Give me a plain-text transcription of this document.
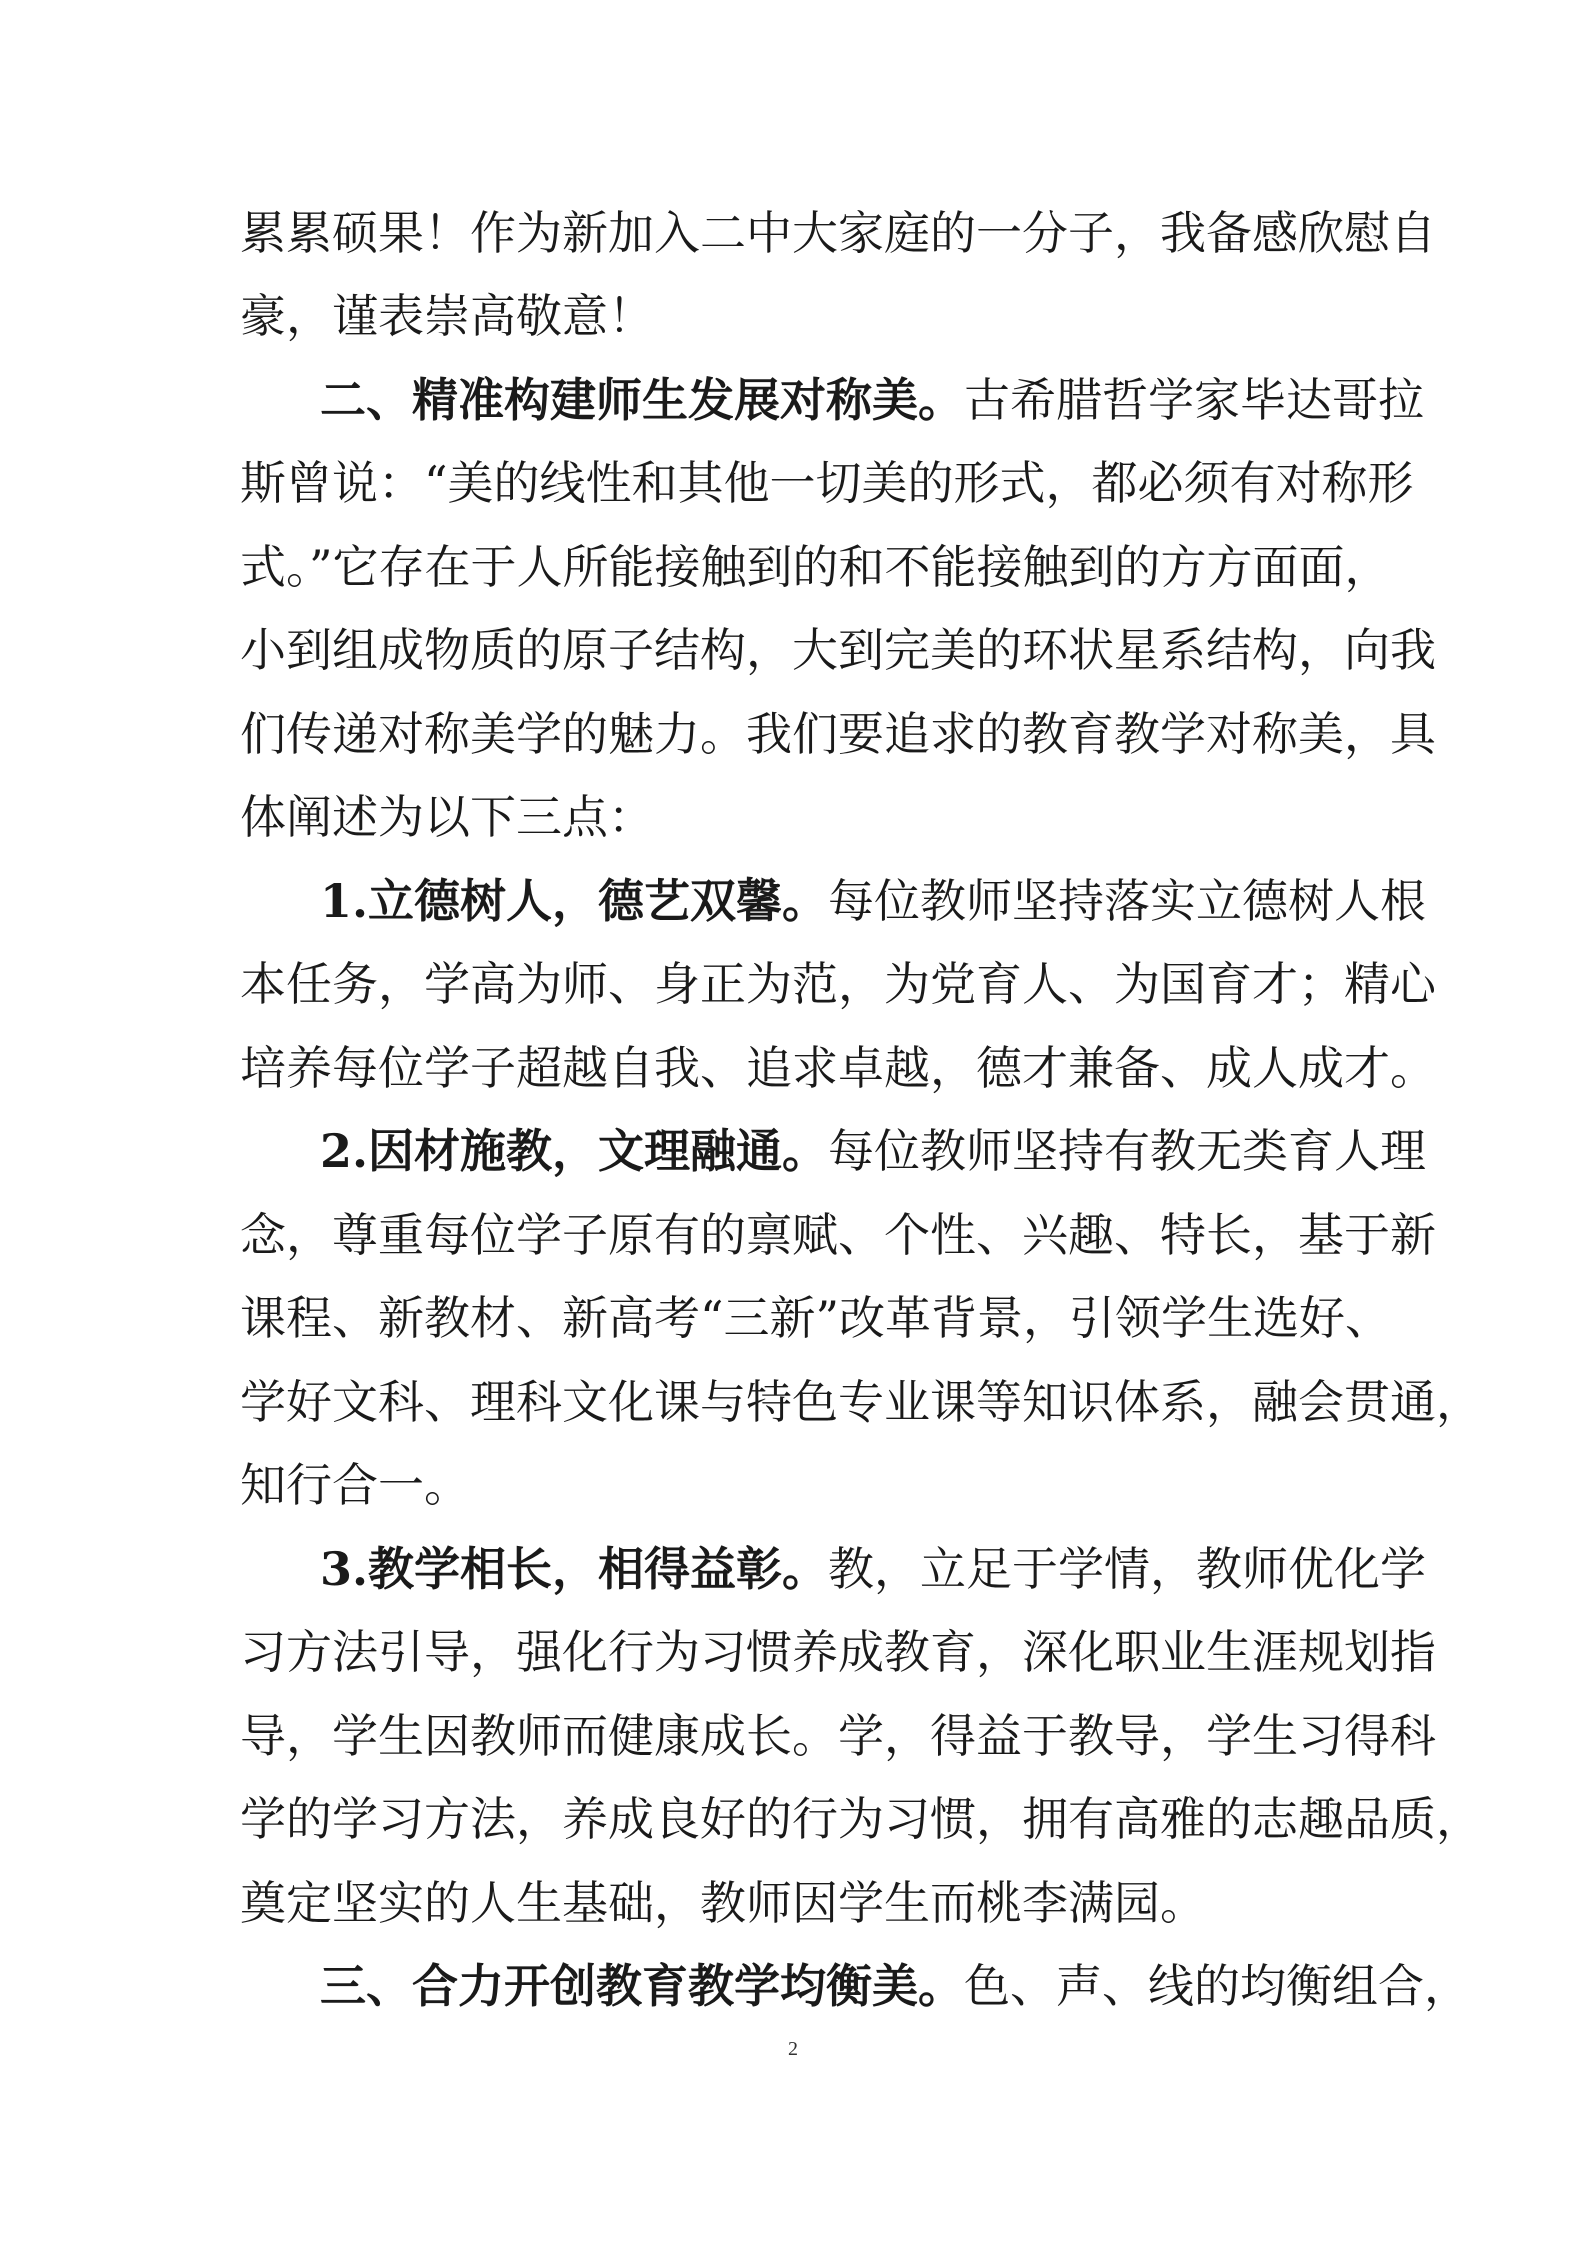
累累硕果！作为新加入二中大家庭的一分子，我备感欣慰自
豪，谨表崇高敬意！
二、精准构建师生发展对称美。古希腊哲学家毕达哥拉
斯曾说：“美的线性和其他一切美的形式，都必须有对称形
式。”它存在于人所能接触到的和不能接触到的方方面面，
小到组成物质的原子结构，大到完美的环状星系结构，向我
们传递对称美学的魅力。我们要追求的教育教学对称美，具
体阐述为以下三点：
1.立德树人，德艺双馨。每位教师坚持落实立德树人根
本任务，学高为师、身正为范，为党育人、为国育才；精心
培养每位学子超越自我、追求卓越，德才兼备、成人成才。
2.因材施教，文理融通。每位教师坚持有教无类育人理
念，尊重每位学子原有的禀赋、个性、兴趣、特长，基于新
课程、新教材、新高考“三新”改革背景，引领学生选好、
学好文科、理科文化课与特色专业课等知识体系，融会贯通，
知行合一。
3.教学相长，相得益彰。教，立足于学情，教师优化学
习方法引导，强化行为习惯养成教育，深化职业生涯规划指
导，学生因教师而健康成长。学，得益于教导，学生习得科
学的学习方法，养成良好的行为习惯，拥有高雅的志趣品质，
奠定坚实的人生基础，教师因学生而桃李满园。
三、合力开创教育教学均衡美。色、声、线的均衡组合，
2
